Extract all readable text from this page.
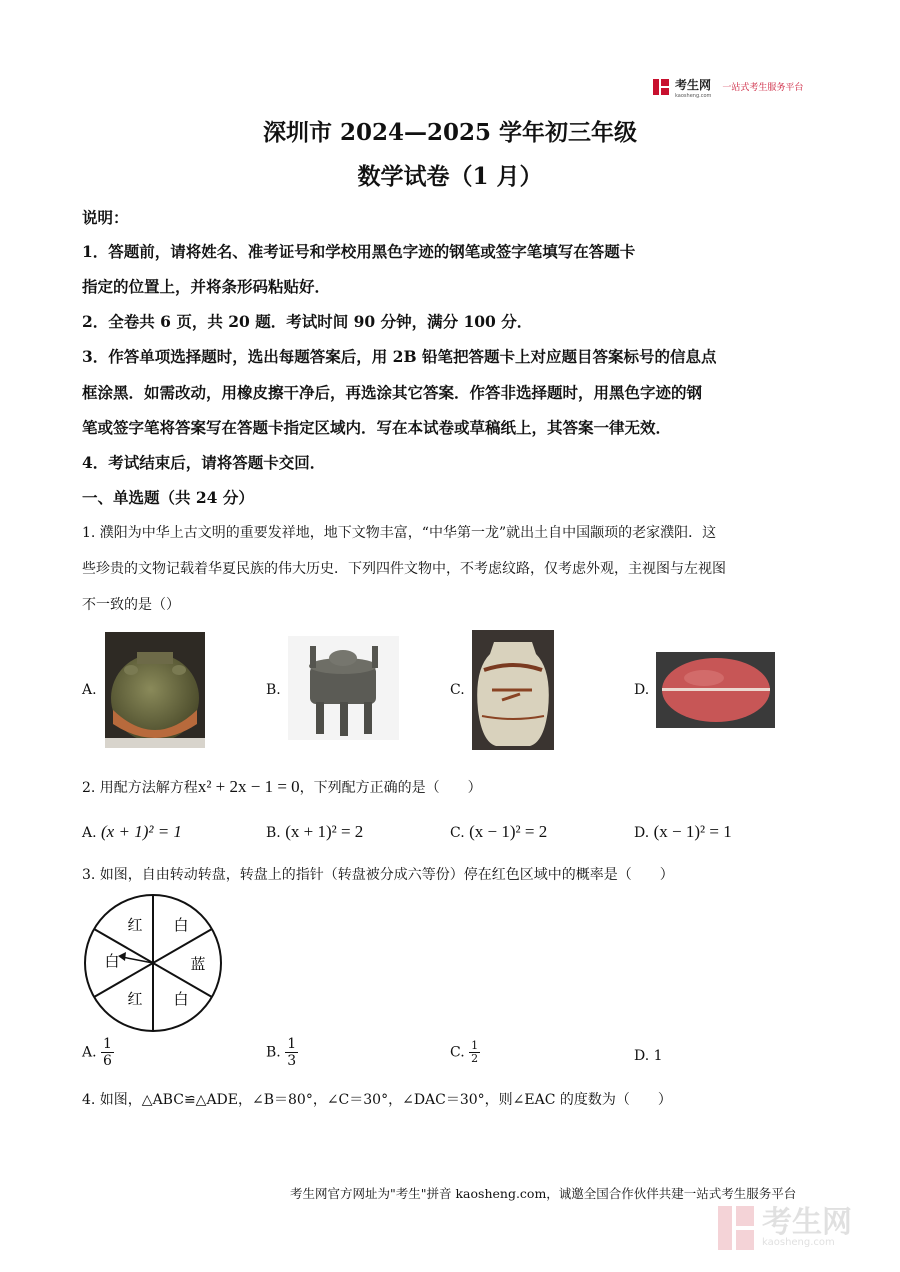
考生网
kaosheng.com
一站式考生服务平台
深圳市 2024—2025 学年初三年级
数学试卷（1 月）
说明：
1．答题前，请将姓名、准考证号和学校用黑色字迹的钢笔或签字笔填写在答题卡
指定的位置上，并将条形码粘贴好．
2．全卷共 6 页，共 20 题．考试时间 90 分钟，满分 100 分．
3．作答单项选择题时，选出每题答案后，用 2B 铅笔把答题卡上对应题目答案标号的信息点
框涂黑．如需改动，用橡皮擦干净后，再选涂其它答案．作答非选择题时，用黑色字迹的钢
笔或签字笔将答案写在答题卡指定区域内．写在本试卷或草稿纸上，其答案一律无效．
4．考试结束后，请将答题卡交回．
一、单选题（共 24 分）
1. 濮阳为中华上古文明的重要发祥地，地下文物丰富，“中华第一龙”就出土自中国颛顼的老家濮阳．这
些珍贵的文物记载着华夏民族的伟大历史．下列四件文物中，不考虑纹路，仅考虑外观，主视图与左视图
不一致的是（）
A.	B.	C.	D.
2. 用配方法解方程x² + 2x − 1 = 0，下列配方正确的是（　　）
A. (x + 1)² = 1	B. (x + 1)² = 2	C. (x − 1)² = 2	D. (x − 1)² = 1
3. 如图，自由转动转盘，转盘上的指针（转盘被分成六等份）停在红色区域中的概率是（　　）
红 白
蓝
白
红
白
A. $\frac{1}{6}$	B. $\frac{1}{3}$	C. $\frac{1}{2}$	D. 1
4. 如图，△ABC≌△ADE，∠B＝80°，∠C＝30°，∠DAC＝30°，则∠EAC 的度数为（　　）
考生网官方网址为"考生"拼音 kaosheng.com，诚邀全国合作伙伴共建一站式考生服务平台
考生网
kaosheng.com
